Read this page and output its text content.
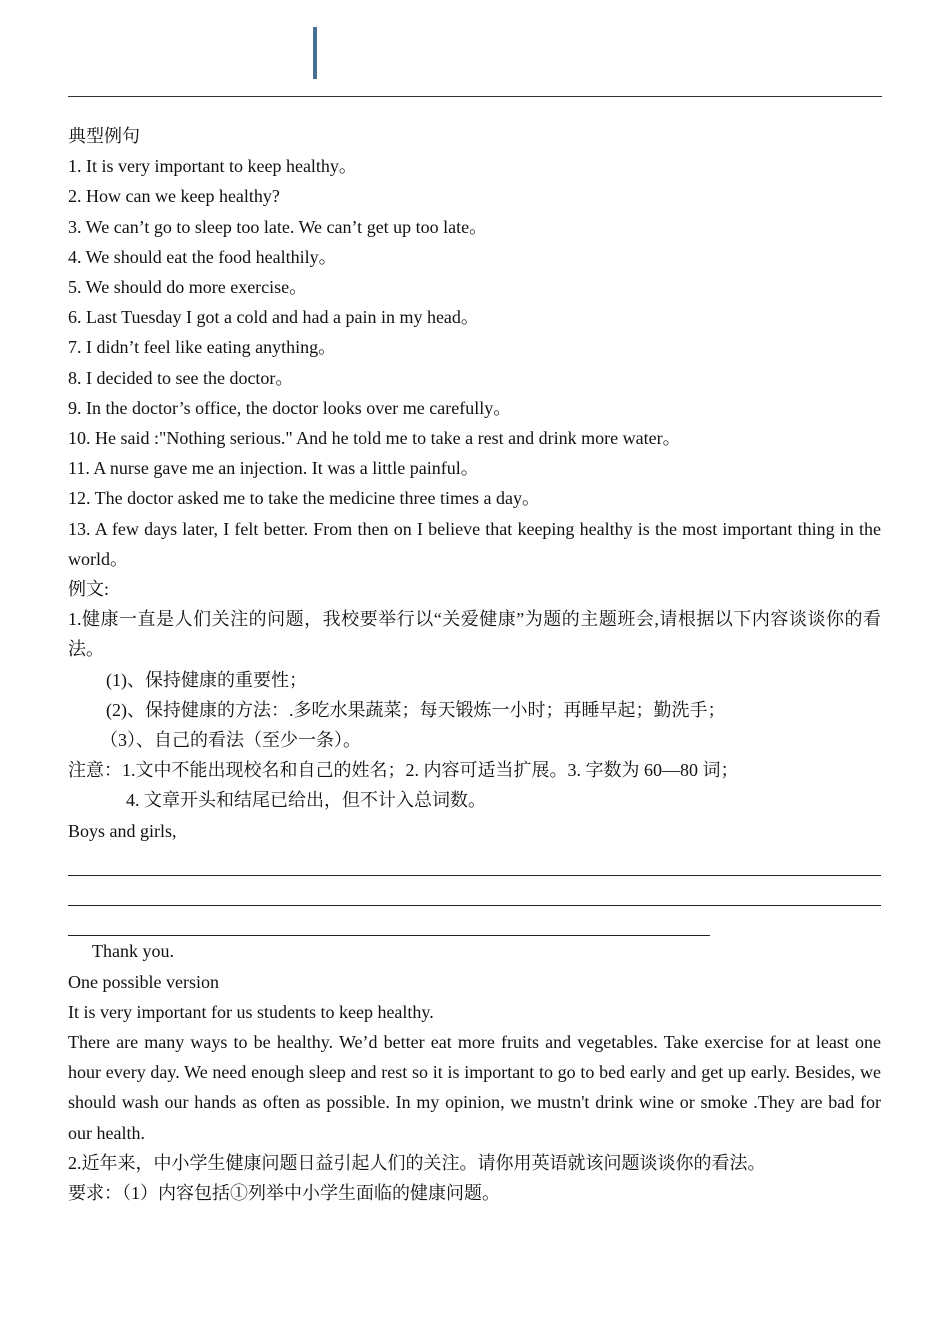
典型例句

1. It is very important to keep healthy。

2. How can we keep healthy?

3. We can’t go to sleep too late. We can’t get up too late。

4. We should eat the food healthily。

5. We should do more exercise。

6. Last Tuesday I got a cold and had a pain in my head。

7. I didn’t feel like eating anything。

8. I decided to see the doctor。

9. In the doctor’s office, the doctor looks over me carefully。

10. He said :"Nothing serious." And he told me to take a rest and drink more water。

11. A nurse gave me an injection. It was a little painful。

12. The doctor asked me to take the medicine three times a day。

13. A few days later, I felt better. From then on I believe that keeping healthy is the most important thing in the world。

例文:

1.健康一直是人们关注的问题，我校要举行以“关爱健康”为题的主题班会,请根据以下内容谈谈你的看法。

(1)、保持健康的重要性；

(2)、保持健康的方法：.多吃水果蔬菜；每天锻炼一小时；再睡早起；勤洗手；

（3）、自己的看法（至少一条）。

注意：1.文中不能出现校名和自己的姓名；2. 内容可适当扩展。3. 字数为 60—80 词；

4. 文章开头和结尾已给出，但不计入总词数。

Boys and girls,

Thank you.

One possible version

It is very important for us students to keep healthy.

There are many ways to be healthy. We’d better eat more fruits and vegetables. Take exercise for at least one hour every day. We need enough sleep and rest so it is important to go to bed early and get up early. Besides, we should wash our hands as often as possible. In my opinion, we mustn't drink wine or smoke .They are bad for our health.

2.近年来，中小学生健康问题日益引起人们的关注。请你用英语就该问题谈谈你的看法。

要求：（1）内容包括①列举中小学生面临的健康问题。
